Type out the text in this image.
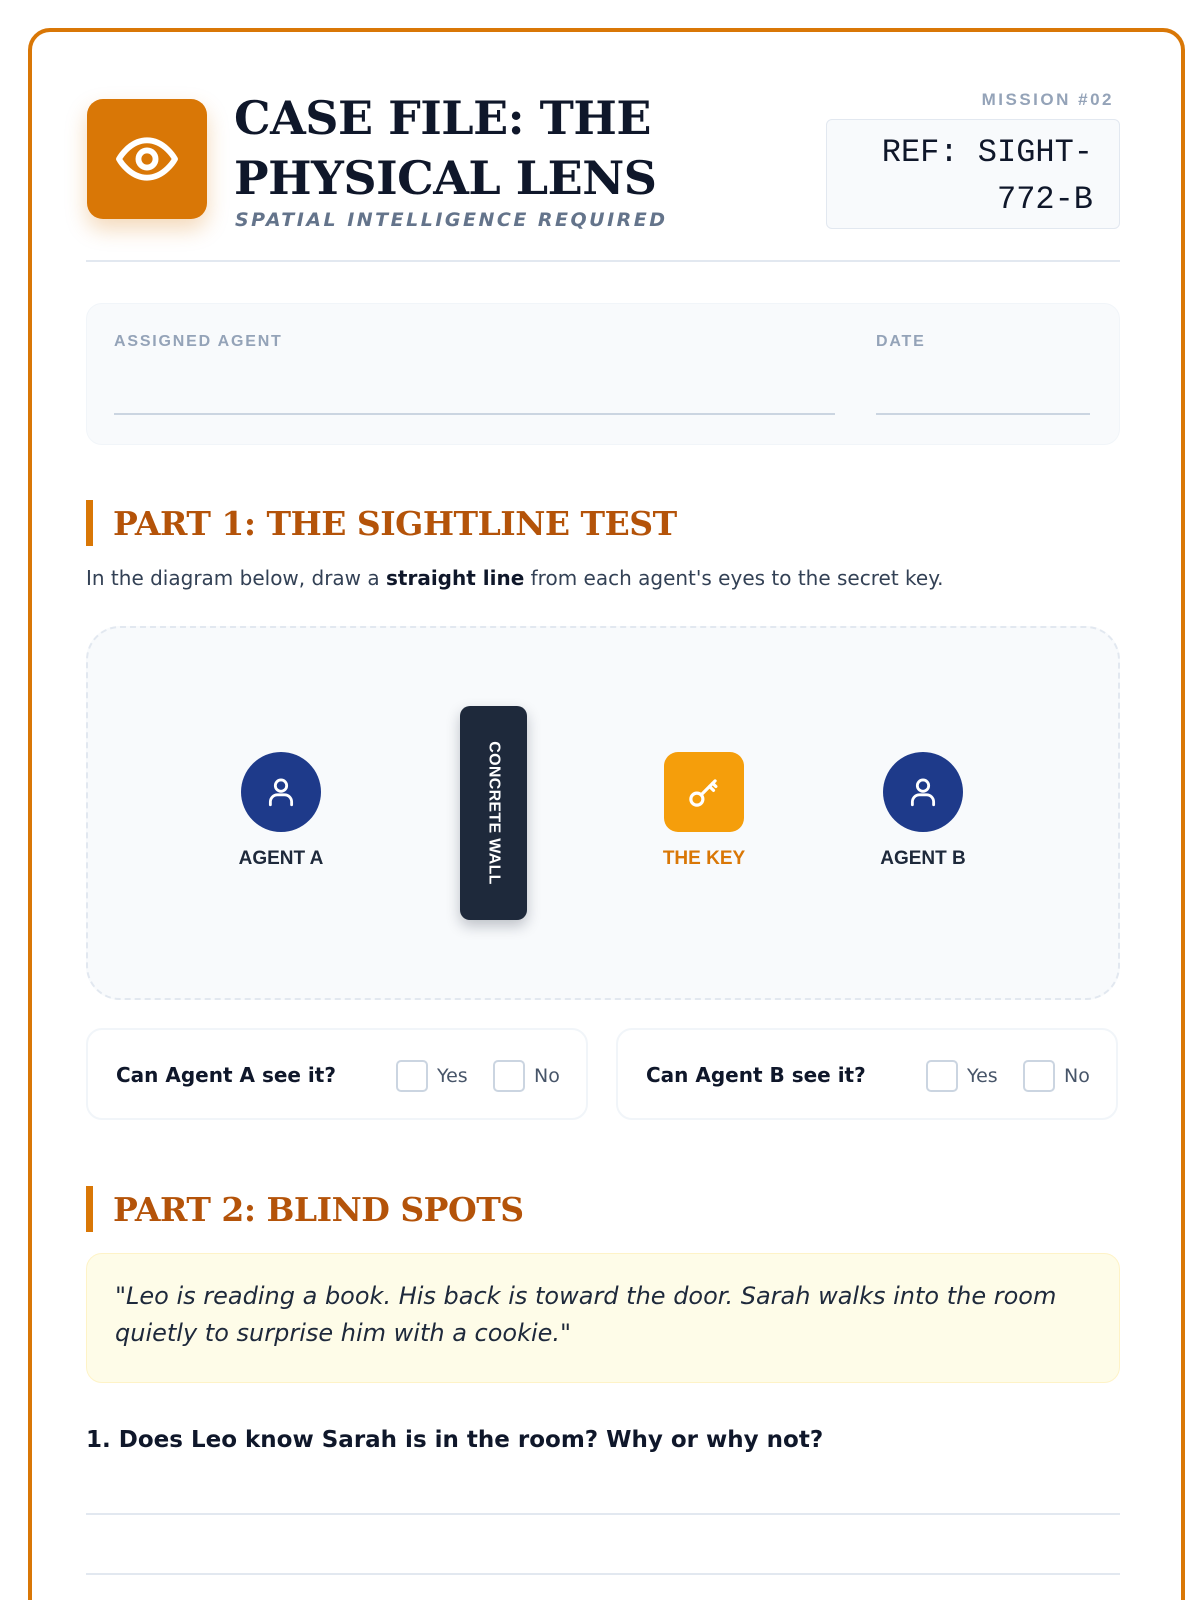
CASE FILE: THE PHYSICAL LENS
SPATIAL INTELLIGENCE REQUIRED
MISSION #02
REF: SIGHT-772-B
ASSIGNED AGENT	DATE
PART 1: THE SIGHTLINE TEST
In the diagram below, draw a straight line from each agent's eyes to the secret key.
AGENT A	CONCRETE WALL	THE KEY	AGENT B
Can Agent A see it?	Yes	No	Can Agent B see it?	Yes	No
PART 2: BLIND SPOTS
"Leo is reading a book. His back is toward the door. Sarah walks into the room quietly to surprise him with a cookie."
1. Does Leo know Sarah is in the room? Why or why not?
